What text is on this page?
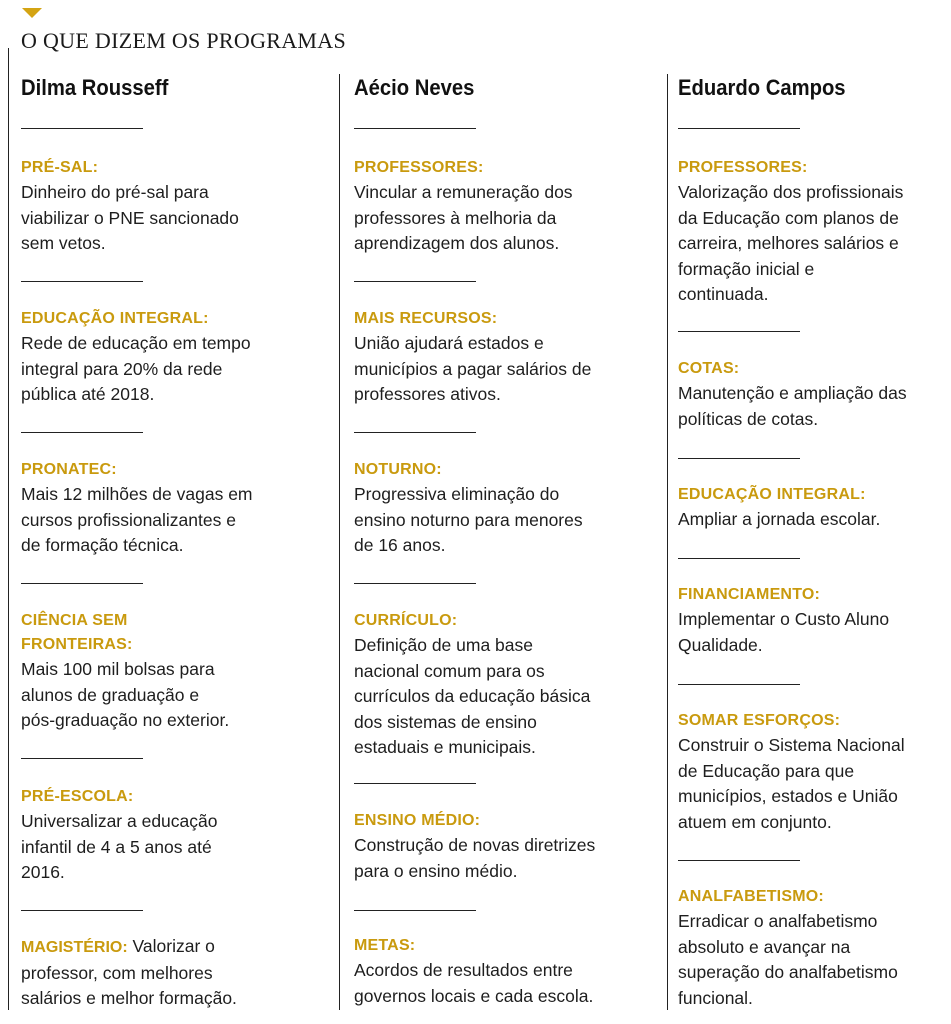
O QUE DIZEM OS PROGRAMAS
Dilma Rousseff
PRÉ-SAL:
Dinheiro do pré-sal para
viabilizar o PNE sancionado
sem vetos.
EDUCAÇÃO INTEGRAL:
Rede de educação em tempo
integral para 20% da rede
pública até 2018.
PRONATEC:
Mais 12 milhões de vagas em
cursos profissionalizantes e
de formação técnica.
CIÊNCIA SEM
FRONTEIRAS:
Mais 100 mil bolsas para
alunos de graduação e
pós-graduação no exterior.
PRÉ-ESCOLA:
Universalizar a educação
infantil de 4 a 5 anos até
2016.
MAGISTÉRIO: Valorizar o
professor, com melhores
salários e melhor formação.
Aécio Neves
PROFESSORES:
Vincular a remuneração dos
professores à melhoria da
aprendizagem dos alunos.
MAIS RECURSOS:
União ajudará estados e
municípios a pagar salários de
professores ativos.
NOTURNO:
Progressiva eliminação do
ensino noturno para menores
de 16 anos.
CURRÍCULO:
Definição de uma base
nacional comum para os
currículos da educação básica
dos sistemas de ensino
estaduais e municipais.
ENSINO MÉDIO:
Construção de novas diretrizes
para o ensino médio.
METAS:
Acordos de resultados entre
governos locais e cada escola.
Eduardo Campos
PROFESSORES:
Valorização dos profissionais
da Educação com planos de
carreira, melhores salários e
formação inicial e
continuada.
COTAS:
Manutenção e ampliação das
políticas de cotas.
EDUCAÇÃO INTEGRAL:
Ampliar a jornada escolar.
FINANCIAMENTO:
Implementar o Custo Aluno
Qualidade.
SOMAR ESFORÇOS:
Construir o Sistema Nacional
de Educação para que
municípios, estados e União
atuem em conjunto.
ANALFABETISMO:
Erradicar o analfabetismo
absoluto e avançar na
superação do analfabetismo
funcional.
